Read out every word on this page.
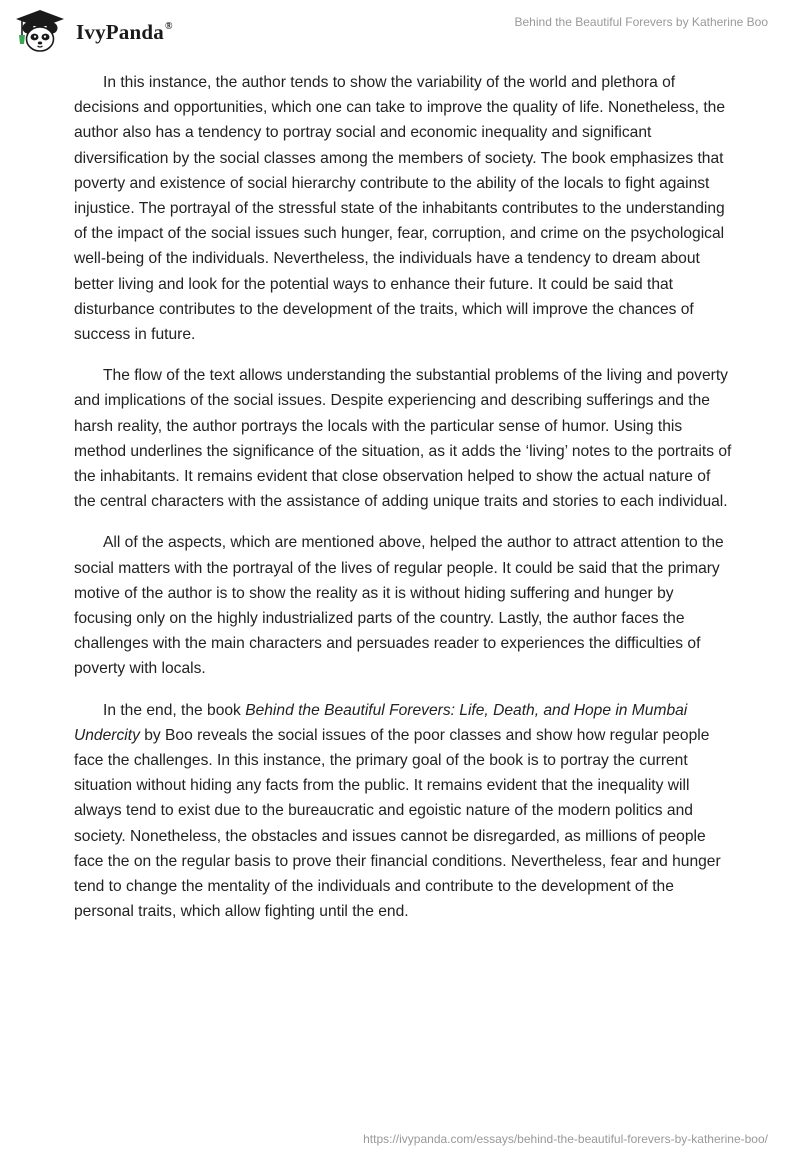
IvyPanda®	Behind the Beautiful Forevers by Katherine Boo

In this instance, the author tends to show the variability of the world and plethora of decisions and opportunities, which one can take to improve the quality of life. Nonetheless, the author also has a tendency to portray social and economic inequality and significant diversification by the social classes among the members of society. The book emphasizes that poverty and existence of social hierarchy contribute to the ability of the locals to fight against injustice. The portrayal of the stressful state of the inhabitants contributes to the understanding of the impact of the social issues such hunger, fear, corruption, and crime on the psychological well-being of the individuals. Nevertheless, the individuals have a tendency to dream about better living and look for the potential ways to enhance their future. It could be said that disturbance contributes to the development of the traits, which will improve the chances of success in future.

The flow of the text allows understanding the substantial problems of the living and poverty and implications of the social issues. Despite experiencing and describing sufferings and the harsh reality, the author portrays the locals with the particular sense of humor. Using this method underlines the significance of the situation, as it adds the ‘living’ notes to the portraits of the inhabitants. It remains evident that close observation helped to show the actual nature of the central characters with the assistance of adding unique traits and stories to each individual.

All of the aspects, which are mentioned above, helped the author to attract attention to the social matters with the portrayal of the lives of regular people. It could be said that the primary motive of the author is to show the reality as it is without hiding suffering and hunger by focusing only on the highly industrialized parts of the country. Lastly, the author faces the challenges with the main characters and persuades reader to experiences the difficulties of poverty with locals.

In the end, the book Behind the Beautiful Forevers: Life, Death, and Hope in Mumbai Undercity by Boo reveals the social issues of the poor classes and show how regular people face the challenges. In this instance, the primary goal of the book is to portray the current situation without hiding any facts from the public. It remains evident that the inequality will always tend to exist due to the bureaucratic and egoistic nature of the modern politics and society. Nonetheless, the obstacles and issues cannot be disregarded, as millions of people face the on the regular basis to prove their financial conditions. Nevertheless, fear and hunger tend to change the mentality of the individuals and contribute to the development of the personal traits, which allow fighting until the end.

https://ivypanda.com/essays/behind-the-beautiful-forevers-by-katherine-boo/
